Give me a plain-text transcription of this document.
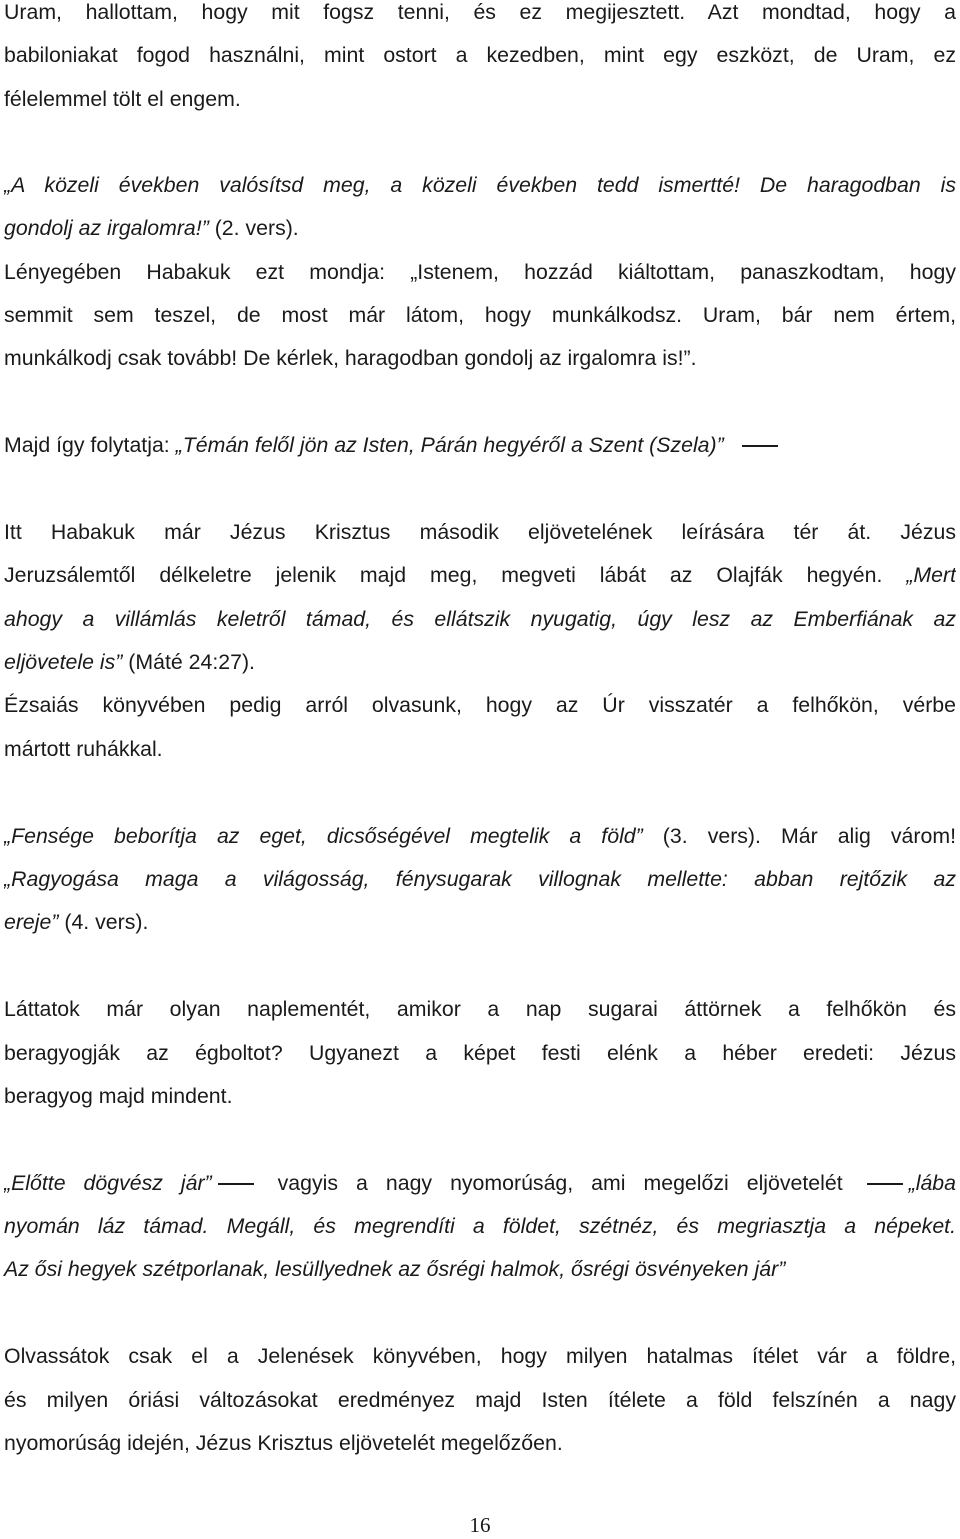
Uram, hallottam, hogy mit fogsz tenni, és ez megijesztett. Azt mondtad, hogy a
babiloniakat fogod használni, mint ostort a kezedben, mint egy eszközt, de Uram, ez
félelemmel tölt el engem.
„A közeli években valósítsd meg, a közeli években tedd ismertté! De haragodban is
gondolj az irgalomra!” (2. vers).
Lényegében Habakuk ezt mondja: „Istenem, hozzád kiáltottam, panaszkodtam, hogy
semmit sem teszel, de most már látom, hogy munkálkodsz. Uram, bár nem értem,
munkálkodj csak tovább! De kérlek, haragodban gondolj az irgalomra is!”.
Majd így folytatja: „Témán felől jön az Isten, Párán hegyéről a Szent (Szela)”
Itt Habakuk már Jézus Krisztus második eljövetelének leírására tér át. Jézus
Jeruzsálemtől délkeletre jelenik majd meg, megveti lábát az Olajfák hegyén. „Mert
ahogy a villámlás keletről támad, és ellátszik nyugatig, úgy lesz az Emberfiának az
eljövetele is” (Máté 24:27).
Ézsaiás könyvében pedig arról olvasunk, hogy az Úr visszatér a felhőkön, vérbe
mártott ruhákkal.
„Fensége beborítja az eget, dicsőségével megtelik a föld” (3. vers). Már alig várom!
„Ragyogása maga a világosság, fénysugarak villognak mellette: abban rejtőzik az
ereje” (4. vers).
Láttatok már olyan naplementét, amikor a nap sugarai áttörnek a felhőkön és
beragyogják az égboltot? Ugyanezt a képet festi elénk a héber eredeti: Jézus
beragyog majd mindent.
„Előtte dögvész jár” vagyis a nagy nyomorúság, ami megelőzi eljövetelét „lába
nyomán láz támad. Megáll, és megrendíti a földet, szétnéz, és megriasztja a népeket.
Az ősi hegyek szétporlanak, lesüllyednek az ősrégi halmok, ősrégi ösvényeken jár”
Olvassátok csak el a Jelenések könyvében, hogy milyen hatalmas ítélet vár a földre,
és milyen óriási változásokat eredményez majd Isten ítélete a föld felszínén a nagy
nyomorúság idején, Jézus Krisztus eljövetelét megelőzően.
16
